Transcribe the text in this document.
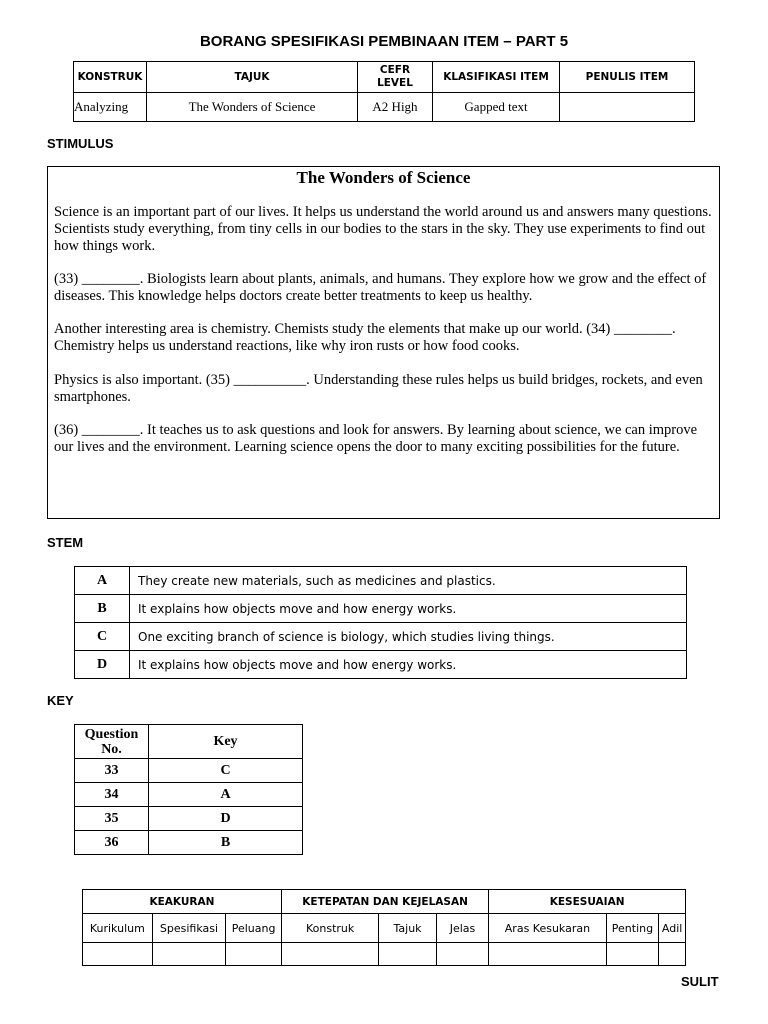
BORANG SPESIFIKASI PEMBINAAN ITEM – PART 5
KONSTRUK	TAJUK	CEFR LEVEL	KLASIFIKASI ITEM	PENULIS ITEM
Analyzing	The Wonders of Science	A2 High	Gapped text	
STIMULUS
The Wonders of Science

Science is an important part of our lives. It helps us understand the world around us and answers many questions. Scientists study everything, from tiny cells in our bodies to the stars in the sky. They use experiments to find out how things work.

(33) ________. Biologists learn about plants, animals, and humans. They explore how we grow and the effect of diseases. This knowledge helps doctors create better treatments to keep us healthy.

Another interesting area is chemistry. Chemists study the elements that make up our world. (34) ________. Chemistry helps us understand reactions, like why iron rusts or how food cooks.

Physics is also important. (35) __________. Understanding these rules helps us build bridges, rockets, and even smartphones.

(36) ________. It teaches us to ask questions and look for answers. By learning about science, we can improve our lives and the environment. Learning science opens the door to many exciting possibilities for the future.

STEM
A	They create new materials, such as medicines and plastics.
B	It explains how objects move and how energy works.
C	One exciting branch of science is biology, which studies living things.
D	It explains how objects move and how energy works.
KEY
Question No.	Key
33	C
34	A
35	D
36	B
KEAKURAN			KETEPATAN DAN KEJELASAN			KESESUAIAN		
Kurikulum	Spesifikasi	Peluang	Konstruk	Tajuk	Jelas	Aras Kesukaran	Penting	Adil

SULIT
